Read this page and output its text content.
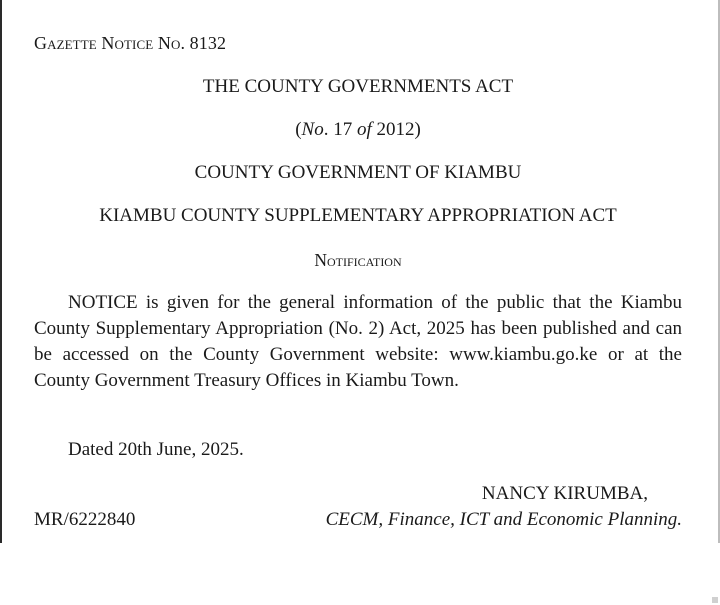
Gazette Notice No. 8132
THE COUNTY GOVERNMENTS ACT
(No. 17 of 2012)
COUNTY GOVERNMENT OF KIAMBU
KIAMBU COUNTY SUPPLEMENTARY APPROPRIATION ACT
Notification

NOTICE is given for the general information of the public that the Kiambu County Supplementary Appropriation (No. 2) Act, 2025 has been published and can be accessed on the County Government website: www.kiambu.go.ke or at the County Government Treasury Offices in Kiambu Town.

Dated 20th June, 2025.
NANCY KIRUMBA,
MR/6222840	CECM, Finance, ICT and Economic Planning.
